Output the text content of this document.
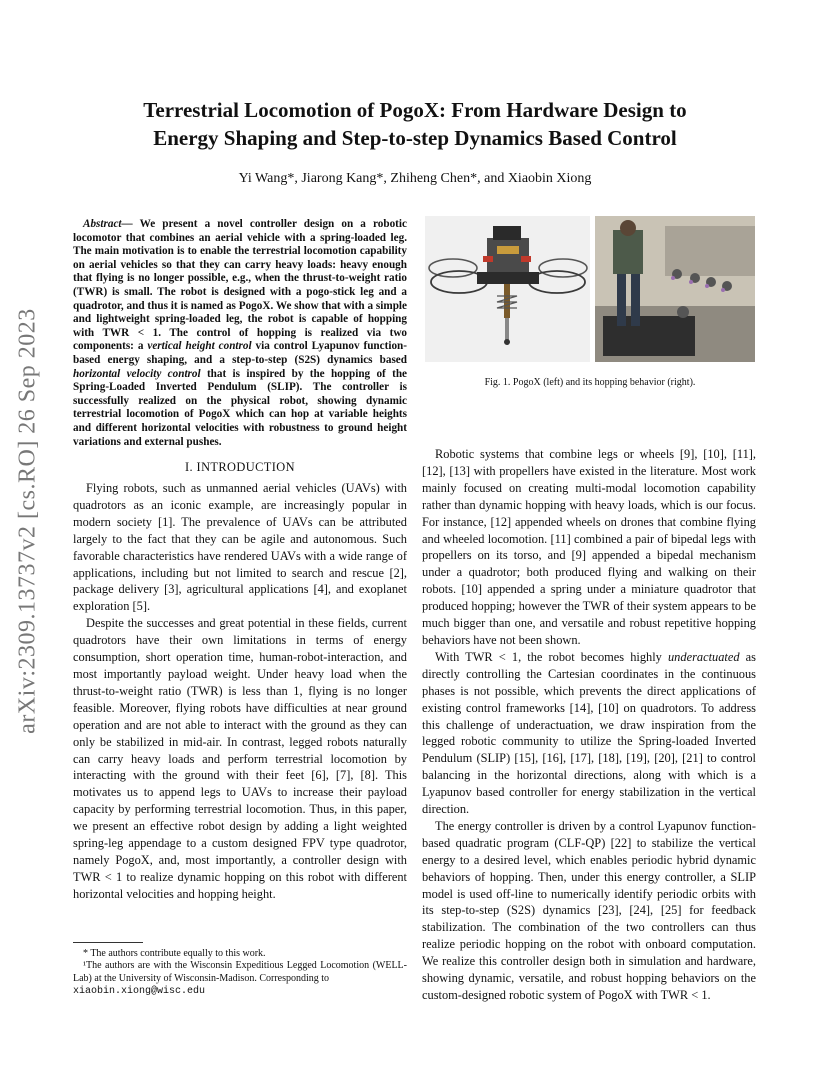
arXiv:2309.13737v2 [cs.RO] 26 Sep 2023
Terrestrial Locomotion of PogoX: From Hardware Design to
Energy Shaping and Step-to-step Dynamics Based Control
Yi Wang*, Jiarong Kang*, Zhiheng Chen*, and Xiaobin Xiong

Abstract— We present a novel controller design on a robotic locomotor that combines an aerial vehicle with a spring-loaded leg. The main motivation is to enable the terrestrial locomotion capability on aerial vehicles so that they can carry heavy loads: heavy enough that flying is no longer possible, e.g., when the thrust-to-weight ratio (TWR) is small. The robot is designed with a pogo-stick leg and a quadrotor, and thus it is named as PogoX. We show that with a simple and lightweight spring-loaded leg, the robot is capable of hopping with TWR < 1. The control of hopping is realized via two components: a vertical height control via control Lyapunov function-based energy shaping, and a step-to-step (S2S) dynamics based horizontal velocity control that is inspired by the hopping of the Spring-Loaded Inverted Pendulum (SLIP). The controller is successfully realized on the physical robot, showing dynamic terrestrial locomotion of PogoX which can hop at variable heights and different horizontal velocities with robustness to ground height variations and external pushes.

I. INTRODUCTION

Flying robots, such as unmanned aerial vehicles (UAVs) with quadrotors as an iconic example, are increasingly popular in modern society [1]. The prevalence of UAVs can be attributed largely to the fact that they can be agile and autonomous. Such favorable characteristics have rendered UAVs with a wide range of applications, including but not limited to search and rescue [2], package delivery [3], agricultural applications [4], and exoplanet exploration [5].

Despite the successes and great potential in these fields, current quadrotors have their own limitations in terms of energy consumption, short operation time, human-robot-interaction, and most importantly payload weight. Under heavy load when the thrust-to-weight ratio (TWR) is less than 1, flying is no longer feasible. Moreover, flying robots have difficulties at near ground operation and are not able to interact with the ground as they can only be stabilized in mid-air. In contrast, legged robots naturally can carry heavy loads and perform terrestrial locomotion by interacting with the ground with their feet [6], [7], [8]. This motivates us to append legs to UAVs to increase their payload capacity by performing terrestrial locomotion. Thus, in this paper, we present an effective robot design by adding a light weighted spring-leg appendage to a custom designed FPV type quadrotor, namely PogoX, and, most importantly, a controller design with TWR < 1 to realize dynamic hopping on this robot with different horizontal velocities and hopping height.

* The authors contribute equally to this work.

¹The authors are with the Wisconsin Expeditious Legged Locomotion (WELL-Lab) at the University of Wisconsin-Madison. Corresponding to
xiaobin.xiong@wisc.edu

Fig. 1. PogoX (left) and its hopping behavior (right).

Robotic systems that combine legs or wheels [9], [10], [11], [12], [13] with propellers have existed in the literature. Most work mainly focused on creating multi-modal locomotion capability rather than dynamic hopping with heavy loads, which is our focus. For instance, [12] appended wheels on drones that combine flying and wheeled locomotion. [11] combined a pair of bipedal legs with propellers on its torso, and [9] appended a bipedal mechanism under a quadrotor; both produced flying and walking on their robots. [10] appended a spring under a miniature quadrotor that produced hopping; however the TWR of their system appears to be much bigger than one, and versatile and robust repetitive hopping behaviors have not been shown.

With TWR < 1, the robot becomes highly underactuated as directly controlling the Cartesian coordinates in the continuous phases is not possible, which prevents the direct applications of existing control frameworks [14], [10] on quadrotors. To address this challenge of underactuation, we draw inspiration from the legged robotic community to utilize the Spring-loaded Inverted Pendulum (SLIP) [15], [16], [17], [18], [19], [20], [21] to control balancing in the horizontal directions, along with which is a Lyapunov based controller for energy stabilization in the vertical direction.

The energy controller is driven by a control Lyapunov function-based quadratic program (CLF-QP) [22] to stabilize the vertical energy to a desired level, which enables periodic hybrid dynamic behaviors of hopping. Then, under this energy controller, a SLIP model is used off-line to numerically identify periodic orbits with its step-to-step (S2S) dynamics [23], [24], [25] for feedback stabilization. The combination of the two controllers can thus realize periodic hopping on the robot with onboard computation. We realize this controller design both in simulation and hardware, showing dynamic, versatile, and robust hopping behaviors on the custom-designed robotic system of PogoX with TWR < 1.
